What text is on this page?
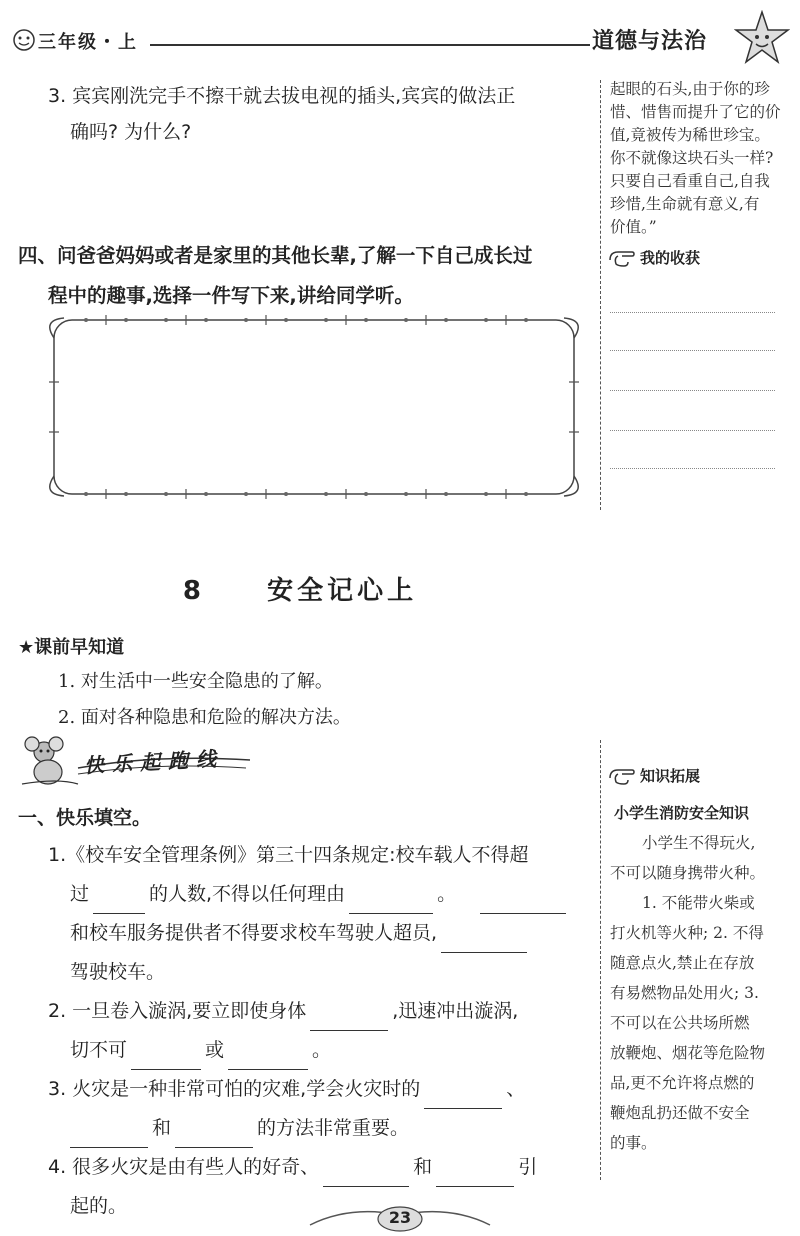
三年级・上	道德与法治
起眼的石头,由于你的珍
惜、惜售而提升了它的价
值,竟被传为稀世珍宝。
你不就像这块石头一样?
只要自己看重自己,自我
珍惜,生命就有意义,有
价值。”
我的收获
3. 宾宾刚洗完手不擦干就去拔电视的插头,宾宾的做法正
确吗? 为什么?
四、问爸爸妈妈或者是家里的其他长辈,了解一下自己成长过
程中的趣事,选择一件写下来,讲给同学听。
8 安全记心上
★课前早知道
1. 对生活中一些安全隐患的了解。
2. 面对各种隐患和危险的解决方法。
快乐起跑线	知识拓展
小学生消防安全知识
小学生不得玩火,
不可以随身携带火种。
1. 不能带火柴或
打火机等火种; 2. 不得
随意点火,禁止在存放
有易燃物品处用火; 3.
不可以在公共场所燃
放鞭炮、烟花等危险物
品,更不允许将点燃的
鞭炮乱扔还做不安全
的事。
一、快乐填空。
1.《校车安全管理条例》第三十四条规定:校车载人不得超
过	的人数,不得以任何理由	。
和校车服务提供者不得要求校车驾驶人超员,
驾驶校车。
2. 一旦卷入漩涡,要立即使身体	,迅速冲出漩涡,
切不可	或	。
3. 火灾是一种非常可怕的灾难,学会火灾时的	、
和	的方法非常重要。
4. 很多火灾是由有些人的好奇、	和	引
起的。
23
